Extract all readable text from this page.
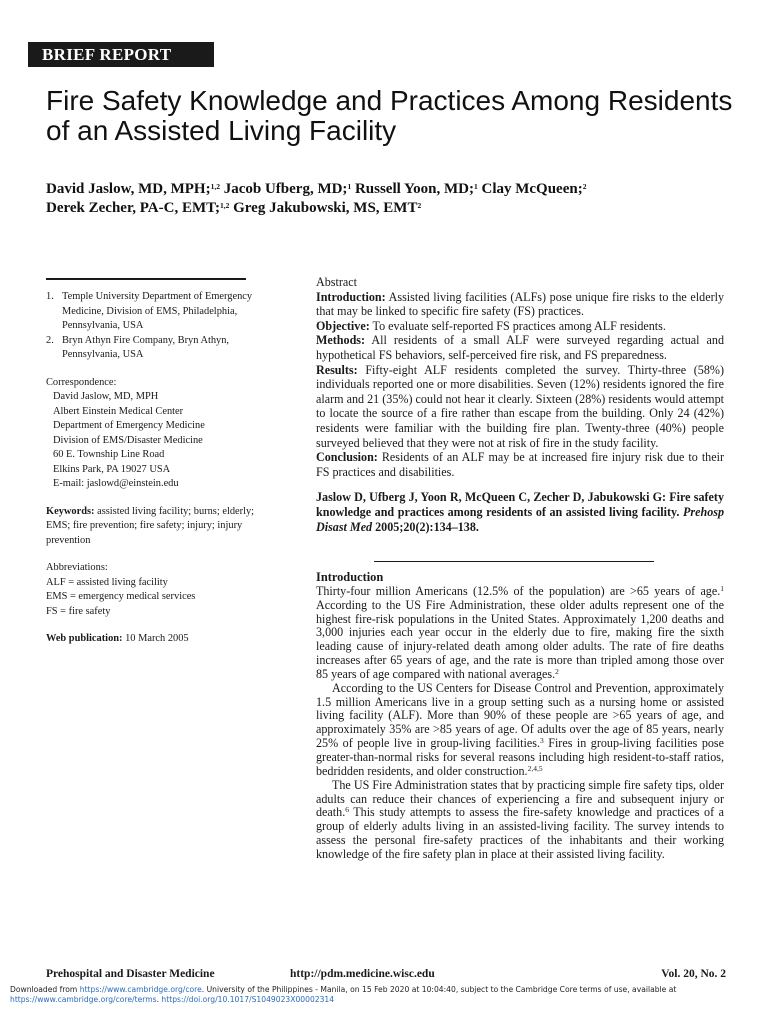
BRIEF REPORT
Fire Safety Knowledge and Practices Among Residents of an Assisted Living Facility
David Jaslow, MD, MPH;$^{1,2}$ Jacob Ufberg, MD;$^1$ Russell Yoon, MD;$^1$ Clay McQueen;$^2$
Derek Zecher, PA-C, EMT;$^{1,2}$ Greg Jakubowski, MS, EMT$^2$
1. Temple University Department of Emergency Medicine, Division of EMS, Philadelphia, Pennsylvania, USA
2. Bryn Athyn Fire Company, Bryn Athyn, Pennsylvania, USA
Correspondence:
David Jaslow, MD, MPH
Albert Einstein Medical Center
Department of Emergency Medicine
Division of EMS/Disaster Medicine
60 E. Township Line Road
Elkins Park, PA 19027 USA
E-mail: jaslowd@einstein.edu
Keywords: assisted living facility; burns; elderly; EMS; fire prevention; fire safety; injury; injury prevention
Abbreviations:
ALF = assisted living facility
EMS = emergency medical services
FS = fire safety
Web publication: 10 March 2005

Abstract

Introduction: Assisted living facilities (ALFs) pose unique fire risks to the elderly that may be linked to specific fire safety (FS) practices.

Objective: To evaluate self-reported FS practices among ALF residents.

Methods: All residents of a small ALF were surveyed regarding actual and hypothetical FS behaviors, self-perceived fire risk, and FS preparedness.

Results: Fifty-eight ALF residents completed the survey. Thirty-three (58%) individuals reported one or more disabilities. Seven (12%) residents ignored the fire alarm and 21 (35%) could not hear it clearly. Sixteen (28%) residents would attempt to locate the source of a fire rather than escape from the building. Only 24 (42%) residents were familiar with the building fire plan. Twenty-three (40%) people surveyed believed that they were not at risk of fire in the study facility.

Conclusion: Residents of an ALF may be at increased fire injury risk due to their FS practices and disabilities.

Jaslow D, Ufberg J, Yoon R, McQueen C, Zecher D, Jabukowski G: Fire safety knowledge and practices among residents of an assisted living facility. Prehosp Disast Med 2005;20(2):134–138.

Introduction

Thirty-four million Americans (12.5% of the population) are >65 years of age.$^1$ According to the US Fire Administration, these older adults represent one of the highest fire-risk populations in the United States. Approximately 1,200 deaths and 3,000 injuries each year occur in the elderly due to fire, making fire the sixth leading cause of injury-related death among older adults. The rate of fire deaths increases after 65 years of age, and the rate is more than tripled among those over 85 years of age compared with national averages.$^2$

According to the US Centers for Disease Control and Prevention, approximately 1.5 million Americans live in a group setting such as a nursing home or assisted living facility (ALF). More than 90% of these people are >65 years of age, and approximately 35% are >85 years of age. Of adults over the age of 85 years, nearly 25% of people live in group-living facilities.$^3$ Fires in group-living facilities pose greater-than-normal risks for several reasons including high resident-to-staff ratios, bedridden residents, and older construction.$^{2,4,5}$

The US Fire Administration states that by practicing simple fire safety tips, older adults can reduce their chances of experiencing a fire and subsequent injury or death.$^6$ This study attempts to assess the fire-safety knowledge and practices of a group of elderly adults living in an assisted-living facility. The survey intends to assess the personal fire-safety practices of the inhabitants and their working knowledge of the fire safety plan in place at their assisted living facility.

Prehospital and Disaster Medicine	http://pdm.medicine.wisc.edu	Vol. 20, No. 2
Downloaded from https://www.cambridge.org/core. University of the Philippines - Manila, on 15 Feb 2020 at 10:04:40, subject to the Cambridge Core terms of use, available at https://www.cambridge.org/core/terms. https://doi.org/10.1017/S1049023X00002314
